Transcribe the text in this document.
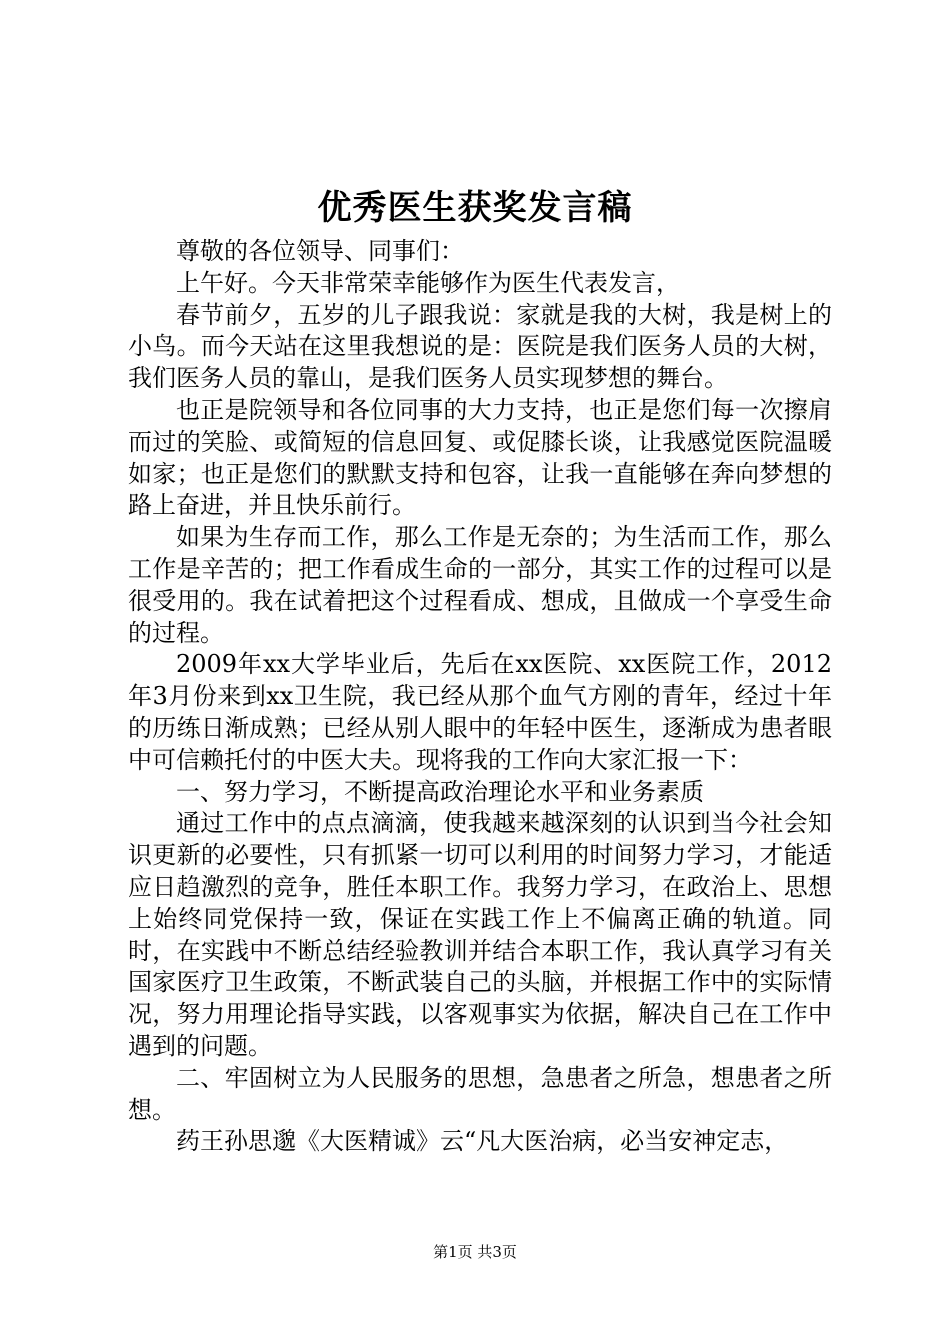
优秀医生获奖发言稿

尊敬的各位领导、同事们：

上午好。今天非常荣幸能够作为医生代表发言，

春节前夕，五岁的儿子跟我说：家就是我的大树，我是树上的小鸟。而今天站在这里我想说的是：医院是我们医务人员的大树，我们医务人员的靠山，是我们医务人员实现梦想的舞台。

也正是院领导和各位同事的大力支持，也正是您们每一次擦肩而过的笑脸、或简短的信息回复、或促膝长谈，让我感觉医院温暖如家；也正是您们的默默支持和包容，让我一直能够在奔向梦想的路上奋进，并且快乐前行。

如果为生存而工作，那么工作是无奈的；为生活而工作，那么工作是辛苦的；把工作看成生命的一部分，其实工作的过程可以是很受用的。我在试着把这个过程看成、想成，且做成一个享受生命的过程。

2009年xx大学毕业后，先后在xx医院、xx医院工作，2012年3月份来到xx卫生院，我已经从那个血气方刚的青年，经过十年的历练日渐成熟；已经从别人眼中的年轻中医生，逐渐成为患者眼中可信赖托付的中医大夫。现将我的工作向大家汇报一下：

一、努力学习，不断提高政治理论水平和业务素质

通过工作中的点点滴滴，使我越来越深刻的认识到当今社会知识更新的必要性，只有抓紧一切可以利用的时间努力学习，才能适应日趋激烈的竞争，胜任本职工作。我努力学习，在政治上、思想上始终同党保持一致，保证在实践工作上不偏离正确的轨道。同时，在实践中不断总结经验教训并结合本职工作，我认真学习有关国家医疗卫生政策，不断武装自己的头脑，并根据工作中的实际情况，努力用理论指导实践，以客观事实为依据，解决自己在工作中遇到的问题。

二、牢固树立为人民服务的思想，急患者之所急，想患者之所想。

药王孙思邈《大医精诚》云“凡大医治病，必当安神定志，

第1页 共3页
